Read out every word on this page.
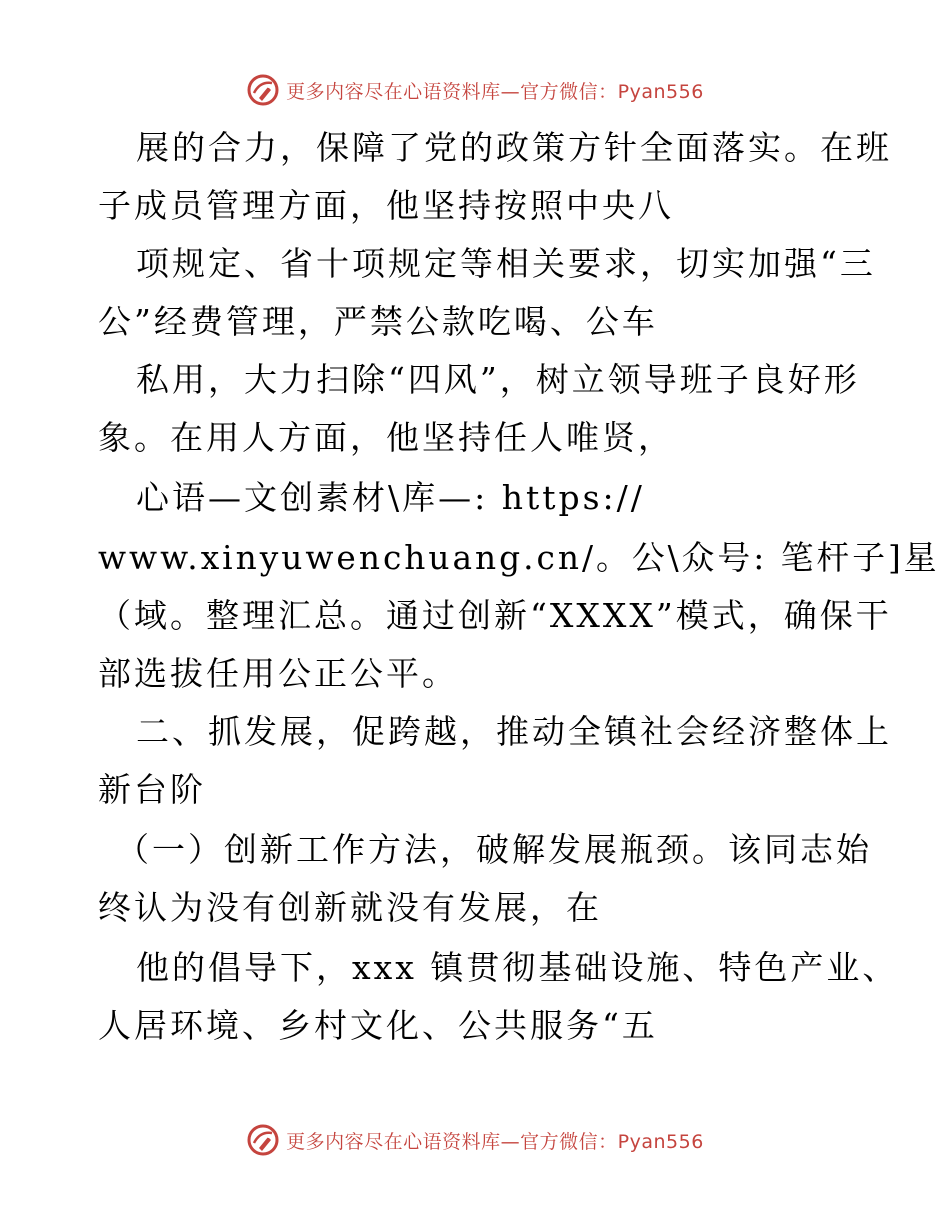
更多内容尽在心语资料库—官方微信：Pyan556
展的合力，保障了党的政策方针全面落实。在班
子成员管理方面，他坚持按照中央八
项规定、省十项规定等相关要求，切实加强“三
公”经费管理，严禁公款吃喝、公车
私用，大力扫除“四风”，树立领导班子良好形
象。在用人方面，他坚持任人唯贤，
心语—文创素材\库—: https://
www.xinyuwenchuang.cn/。公\众号: 笔杆子]星
（域。整理汇总。通过创新“XXXX”模式，确保干
部选拔任用公正公平。
二、抓发展，促跨越，推动全镇社会经济整体上
新台阶
（一）创新工作方法，破解发展瓶颈。该同志始
终认为没有创新就没有发展，在
他的倡导下，xxx 镇贯彻基础设施、特色产业、
人居环境、乡村文化、公共服务“五
更多内容尽在心语资料库—官方微信：Pyan556
